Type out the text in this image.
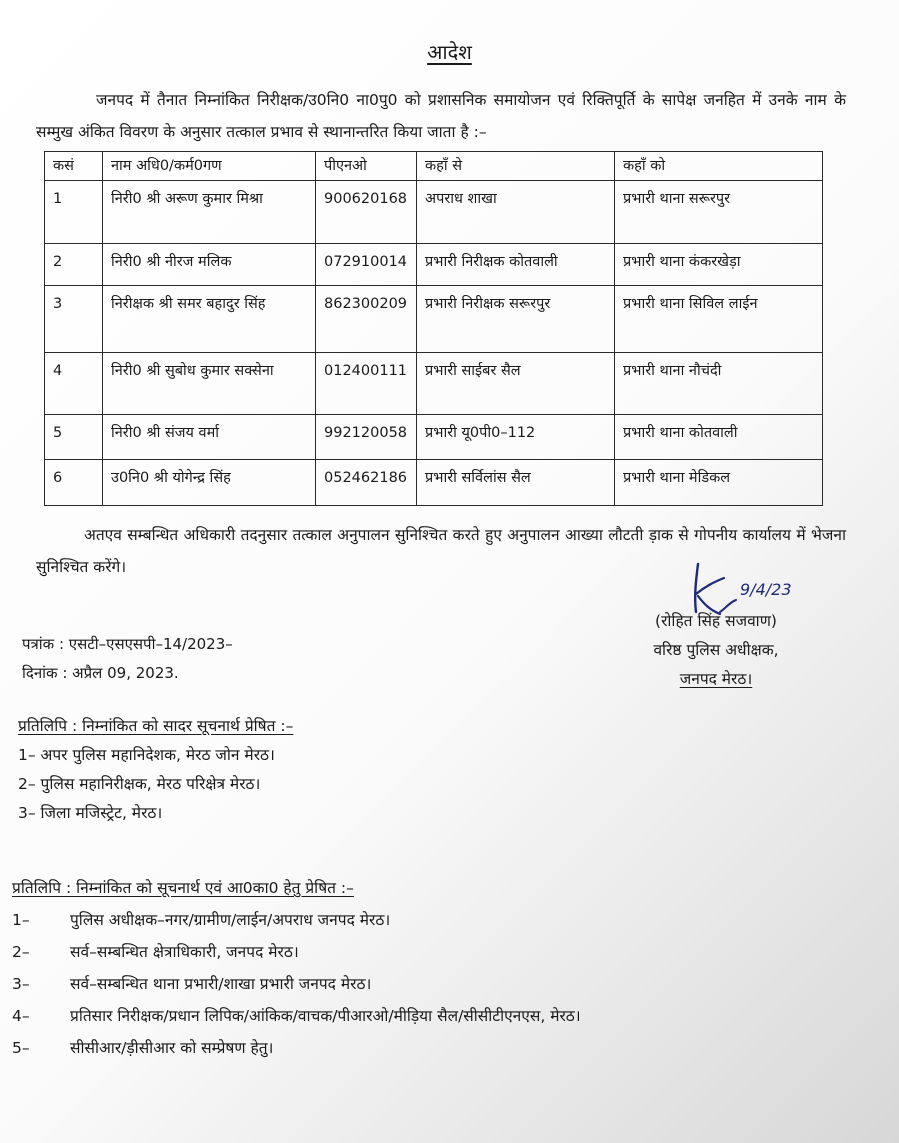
आदेश
जनपद में तैनात निम्नांकित निरीक्षक/उ0नि0 ना0पु0 को प्रशासनिक समायोजन एवं रिक्तिपूर्ति के सापेक्ष जनहित में उनके नाम के सम्मुख अंकित विवरण के अनुसार तत्काल प्रभाव से स्थानान्तरित किया जाता है :–
कसं	नाम अधि0/कर्म0गण	पीएनओ	कहाँ से	कहाँ को
1	निरी0 श्री अरूण कुमार मिश्रा	900620168	अपराध शाखा	प्रभारी थाना सरूरपुर
2	निरी0 श्री नीरज मलिक	072910014	प्रभारी निरीक्षक कोतवाली	प्रभारी थाना कंकरखेड़ा
3	निरीक्षक श्री समर बहादुर सिंह	862300209	प्रभारी निरीक्षक सरूरपुर	प्रभारी थाना सिविल लाईन
4	निरी0 श्री सुबोध कुमार सक्सेना	012400111	प्रभारी साईबर सैल	प्रभारी थाना नौचंदी
5	निरी0 श्री संजय वर्मा	992120058	प्रभारी यू0पी0–112	प्रभारी थाना कोतवाली
6	उ0नि0 श्री योगेन्द्र सिंह	052462186	प्रभारी सर्विलांस सैल	प्रभारी थाना मेडिकल
अतएव सम्बन्धित अधिकारी तदनुसार तत्काल अनुपालन सुनिश्चित करते हुए अनुपालन आख्या लौटती ड़ाक से गोपनीय कार्यालय में भेजना सुनिश्चित करेंगे।
9/4/23
(रोहित सिंह सजवाण)
वरिष्ठ पुलिस अधीक्षक,
जनपद मेरठ।
पत्रांक : एसटी–एसएसपी–14/2023–
दिनांक : अप्रैल 09, 2023.
प्रतिलिपि : निम्नांकित को सादर सूचनार्थ प्रेषित :–
1– अपर पुलिस महानिदेशक, मेरठ जोन मेरठ।
2– पुलिस महानिरीक्षक, मेरठ परिक्षेत्र मेरठ।
3– जिला मजिस्ट्रेट, मेरठ।
प्रतिलिपि : निम्नांकित को सूचनार्थ एवं आ0का0 हेतु प्रेषित :–
1–	पुलिस अधीक्षक–नगर/ग्रामीण/लाईन/अपराध जनपद मेरठ।
2–	सर्व–सम्बन्धित क्षेत्राधिकारी, जनपद मेरठ।
3–	सर्व–सम्बन्धित थाना प्रभारी/शाखा प्रभारी जनपद मेरठ।
4–	प्रतिसार निरीक्षक/प्रधान लिपिक/आंकिक/वाचक/पीआरओ/मीड़िया सैल/सीसीटीएनएस, मेरठ।
5–	सीसीआर/ड़ीसीआर को सम्प्रेषण हेतु।
